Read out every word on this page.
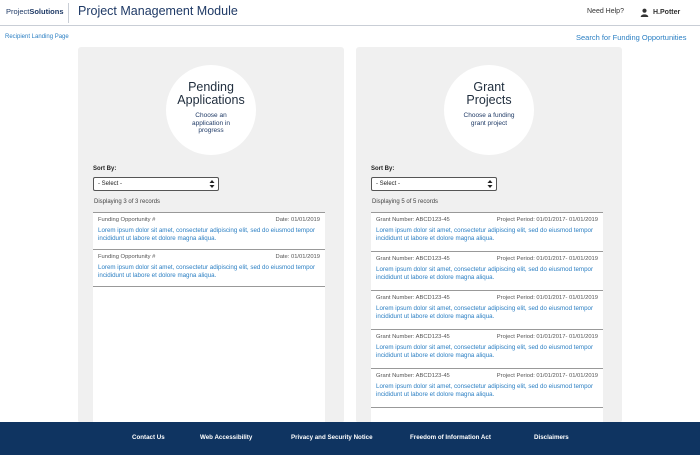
ProjectSolutions Project Management Module	Need Help?	H.Potter
Recipient Landing Page	Search for Funding Opportunities
Pending Applications
Choose an application in progress
Sort By:
- Select -
Displaying 3 of 3 records
Funding Opportunity #	Date: 01/01/2019
Lorem ipsum dolor sit amet, consectetur adipiscing elit, sed do eiusmod tempor incididunt ut labore et dolore magna aliqua.
Funding Opportunity #	Date: 01/01/2019
Lorem ipsum dolor sit amet, consectetur adipiscing elit, sed do eiusmod tempor incididunt ut labore et dolore magna aliqua.
Grant Projects
Choose a funding grant project
Sort By:
- Select -
Displaying 5 of 5 records
Grant Number: ABCD123-45	Project Period: 01/01/2017- 01/01/2019
Lorem ipsum dolor sit amet, consectetur adipiscing elit, sed do eiusmod tempor incididunt ut labore et dolore magna aliqua.
Grant Number: ABCD123-45	Project Period: 01/01/2017- 01/01/2019
Lorem ipsum dolor sit amet, consectetur adipiscing elit, sed do eiusmod tempor incididunt ut labore et dolore magna aliqua.
Grant Number: ABCD123-45	Project Period: 01/01/2017- 01/01/2019
Lorem ipsum dolor sit amet, consectetur adipiscing elit, sed do eiusmod tempor incididunt ut labore et dolore magna aliqua.
Grant Number: ABCD123-45	Project Period: 01/01/2017- 01/01/2019
Lorem ipsum dolor sit amet, consectetur adipiscing elit, sed do eiusmod tempor incididunt ut labore et dolore magna aliqua.
Grant Number: ABCD123-45	Project Period: 01/01/2017- 01/01/2019
Lorem ipsum dolor sit amet, consectetur adipiscing elit, sed do eiusmod tempor incididunt ut labore et dolore magna aliqua.
Contact Us	Web Accessibility	Privacy and Security Notice	Freedom of Information Act	Disclaimers
